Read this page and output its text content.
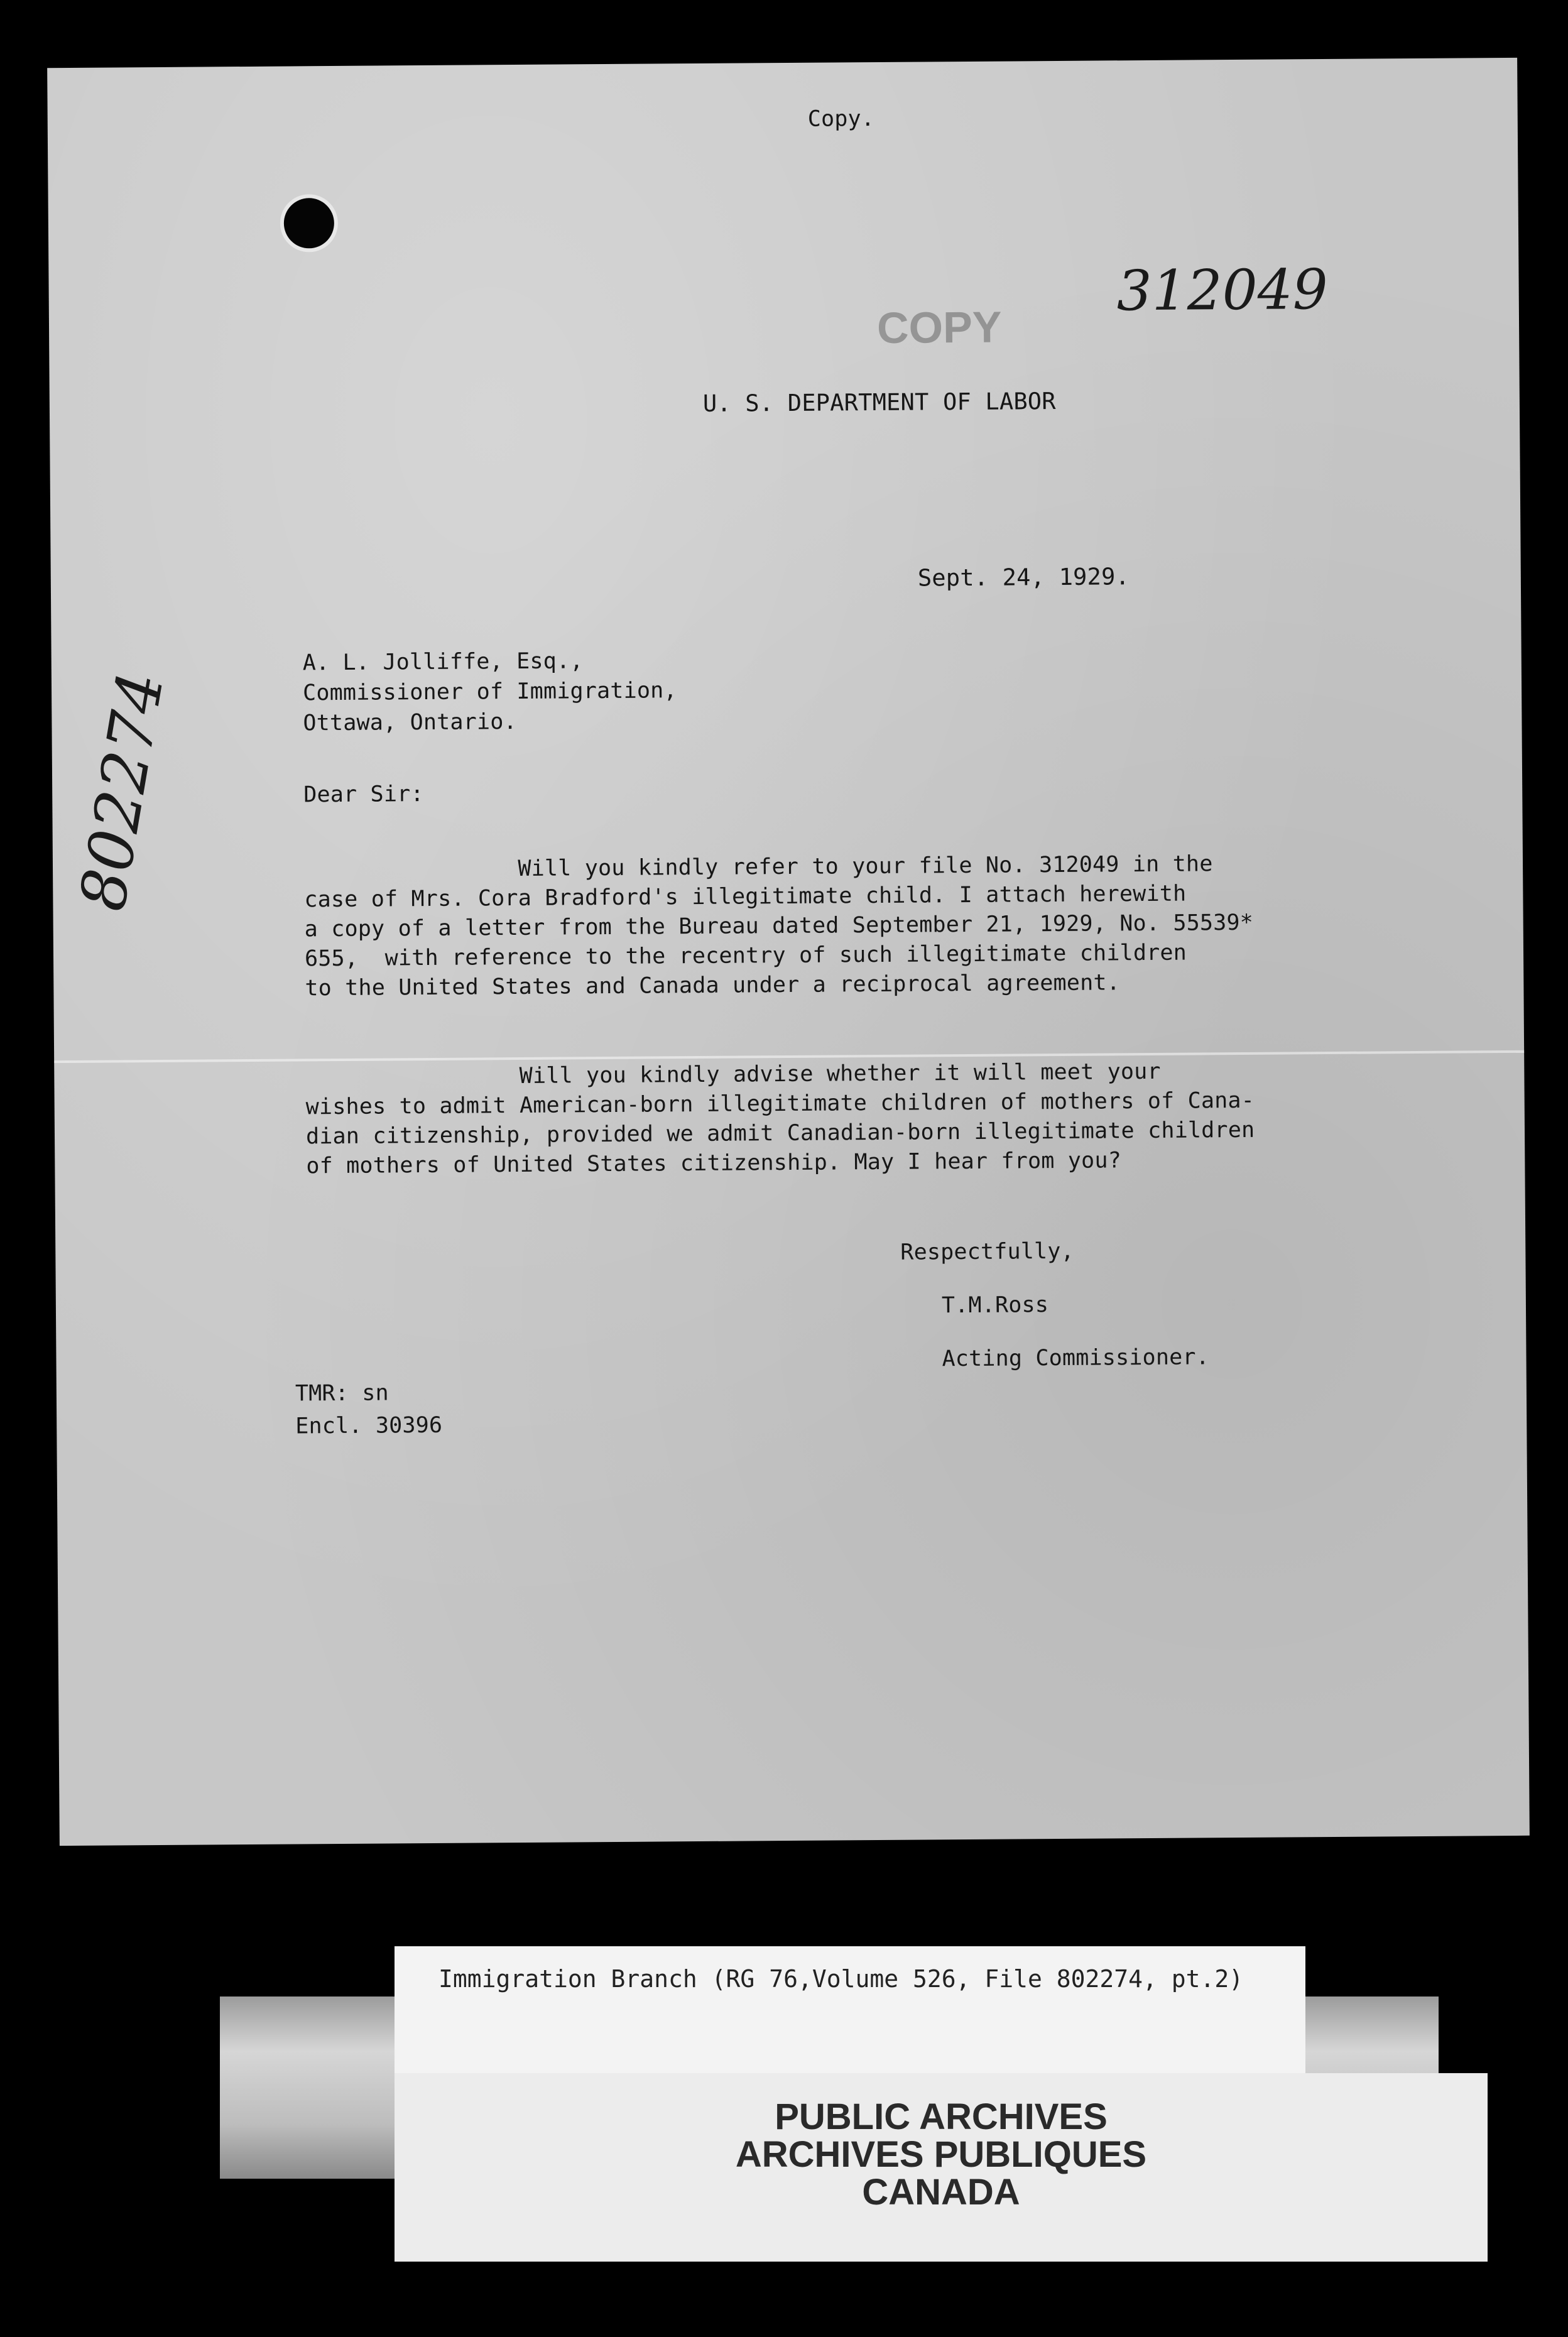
Copy.
COPY
312049
U. S. DEPARTMENT OF LABOR
Sept. 24, 1929.
A. L. Jolliffe, Esq.,
Commissioner of Immigration,
Ottawa, Ontario.
802274	Dear Sir:
Will you kindly refer to your file No. 312049 in the
case of Mrs. Cora Bradford's illegitimate child. I attach herewith
a copy of a letter from the Bureau dated September 21, 1929, No. 55539*
655,  with reference to the recentry of such illegitimate children
to the United States and Canada under a reciprocal agreement.
Will you kindly advise whether it will meet your
wishes to admit American-born illegitimate children of mothers of Cana-
dian citizenship, provided we admit Canadian-born illegitimate children
of mothers of United States citizenship. May I hear from you?
Respectfully,
T.M.Ross
Acting Commissioner.
TMR: sn
Encl. 30396
Immigration Branch (RG 76,Volume 526, File 802274, pt.2)
PUBLIC ARCHIVES
ARCHIVES PUBLIQUES
CANADA
